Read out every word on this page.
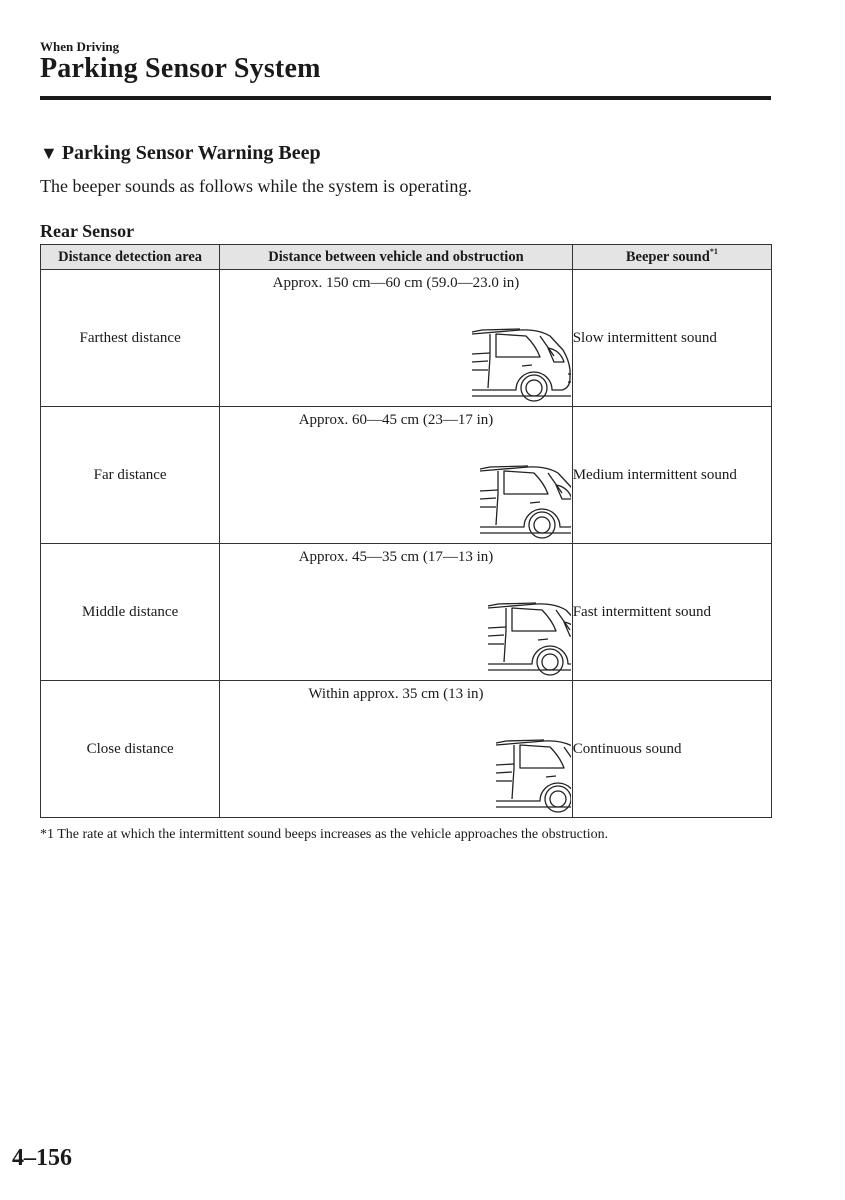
When Driving
Parking Sensor System
▼ Parking Sensor Warning Beep
The beeper sounds as follows while the system is operating.
Rear Sensor
Distance detection area	Distance between vehicle and obstruction	Beeper sound$^{*1}$
Farthest distance	Approx. 150 cm—60 cm (59.0—23.0 in)	Slow intermittent sound
Far distance	Approx. 60—45 cm (23—17 in)	Medium intermittent sound
Middle distance	Approx. 45—35 cm (17—13 in)	Fast intermittent sound
Close distance	Within approx. 35 cm (13 in)	Continuous sound
*1 The rate at which the intermittent sound beeps increases as the vehicle approaches the obstruction.
4–156
